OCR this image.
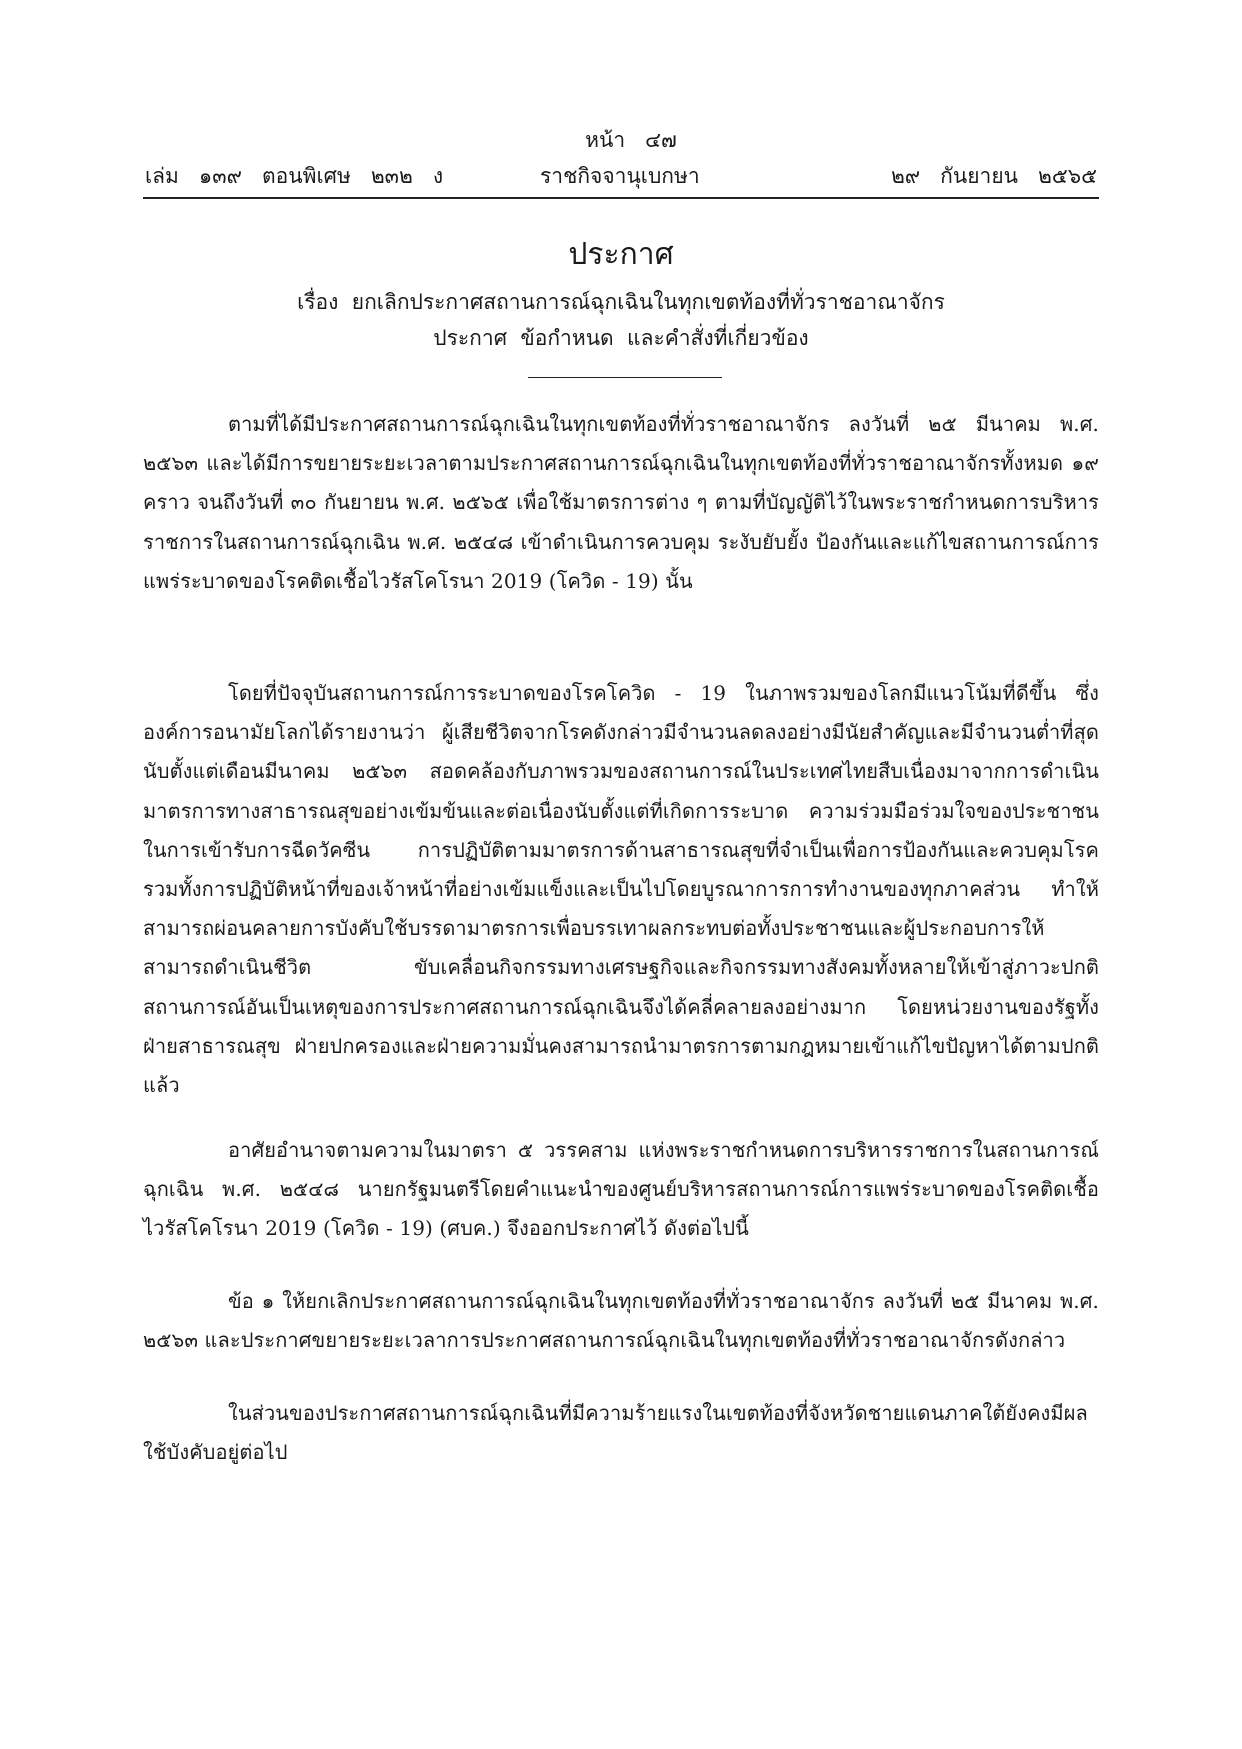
หน้า   ๔๗
เล่ม   ๑๓๙   ตอนพิเศษ   ๒๓๒   ง	ราชกิจจานุเบกษา	๒๙   กันยายน   ๒๕๖๕
ประกาศ
เรื่อง  ยกเลิกประกาศสถานการณ์ฉุกเฉินในทุกเขตท้องที่ทั่วราชอาณาจักร
ประกาศ  ข้อกำหนด  และคำสั่งที่เกี่ยวข้อง

ตามที่ได้มีประกาศสถานการณ์ฉุกเฉินในทุกเขตท้องที่ทั่วราชอาณาจักร ลงวันที่ ๒๕ มีนาคม พ.ศ. ๒๕๖๓ และได้มีการขยายระยะเวลาตามประกาศสถานการณ์ฉุกเฉินในทุกเขตท้องที่ทั่วราชอาณาจักรทั้งหมด ๑๙ คราว จนถึงวันที่ ๓๐ กันยายน พ.ศ. ๒๕๖๕ เพื่อใช้มาตรการต่าง ๆ ตามที่บัญญัติไว้ในพระราชกำหนดการบริหารราชการในสถานการณ์ฉุกเฉิน พ.ศ. ๒๕๔๘ เข้าดำเนินการควบคุม ระงับยับยั้ง ป้องกันและแก้ไขสถานการณ์การแพร่ระบาดของโรคติดเชื้อไวรัสโคโรนา 2019 (โควิด - 19) นั้น

โดยที่ปัจจุบันสถานการณ์การระบาดของโรคโควิด - 19 ในภาพรวมของโลกมีแนวโน้มที่ดีขึ้น ซึ่งองค์การอนามัยโลกได้รายงานว่า ผู้เสียชีวิตจากโรคดังกล่าวมีจำนวนลดลงอย่างมีนัยสำคัญและมีจำนวนต่ำที่สุดนับตั้งแต่เดือนมีนาคม ๒๕๖๓ สอดคล้องกับภาพรวมของสถานการณ์ในประเทศไทยสืบเนื่องมาจากการดำเนินมาตรการทางสาธารณสุขอย่างเข้มข้นและต่อเนื่องนับตั้งแต่ที่เกิดการระบาด ความร่วมมือร่วมใจของประชาชนในการเข้ารับการฉีดวัคซีน การปฏิบัติตามมาตรการด้านสาธารณสุขที่จำเป็นเพื่อการป้องกันและควบคุมโรค รวมทั้งการปฏิบัติหน้าที่ของเจ้าหน้าที่อย่างเข้มแข็งและเป็นไปโดยบูรณาการการทำงานของทุกภาคส่วน ทำให้สามารถผ่อนคลายการบังคับใช้บรรดามาตรการเพื่อบรรเทาผลกระทบต่อทั้งประชาชนและผู้ประกอบการให้สามารถดำเนินชีวิต ขับเคลื่อนกิจกรรมทางเศรษฐกิจและกิจกรรมทางสังคมทั้งหลายให้เข้าสู่ภาวะปกติ สถานการณ์อันเป็นเหตุของการประกาศสถานการณ์ฉุกเฉินจึงได้คลี่คลายลงอย่างมาก โดยหน่วยงานของรัฐทั้งฝ่ายสาธารณสุข ฝ่ายปกครองและฝ่ายความมั่นคงสามารถนำมาตรการตามกฎหมายเข้าแก้ไขปัญหาได้ตามปกติแล้ว

อาศัยอำนาจตามความในมาตรา ๕ วรรคสาม แห่งพระราชกำหนดการบริหารราชการในสถานการณ์ฉุกเฉิน พ.ศ. ๒๕๔๘ นายกรัฐมนตรีโดยคำแนะนำของศูนย์บริหารสถานการณ์การแพร่ระบาดของโรคติดเชื้อไวรัสโคโรนา 2019 (โควิด - 19) (ศบค.) จึงออกประกาศไว้ ดังต่อไปนี้

ข้อ ๑ ให้ยกเลิกประกาศสถานการณ์ฉุกเฉินในทุกเขตท้องที่ทั่วราชอาณาจักร ลงวันที่ ๒๕ มีนาคม พ.ศ. ๒๕๖๓ และประกาศขยายระยะเวลาการประกาศสถานการณ์ฉุกเฉินในทุกเขตท้องที่ทั่วราชอาณาจักรดังกล่าว

ในส่วนของประกาศสถานการณ์ฉุกเฉินที่มีความร้ายแรงในเขตท้องที่จังหวัดชายแดนภาคใต้ยังคงมีผลใช้บังคับอยู่ต่อไป
